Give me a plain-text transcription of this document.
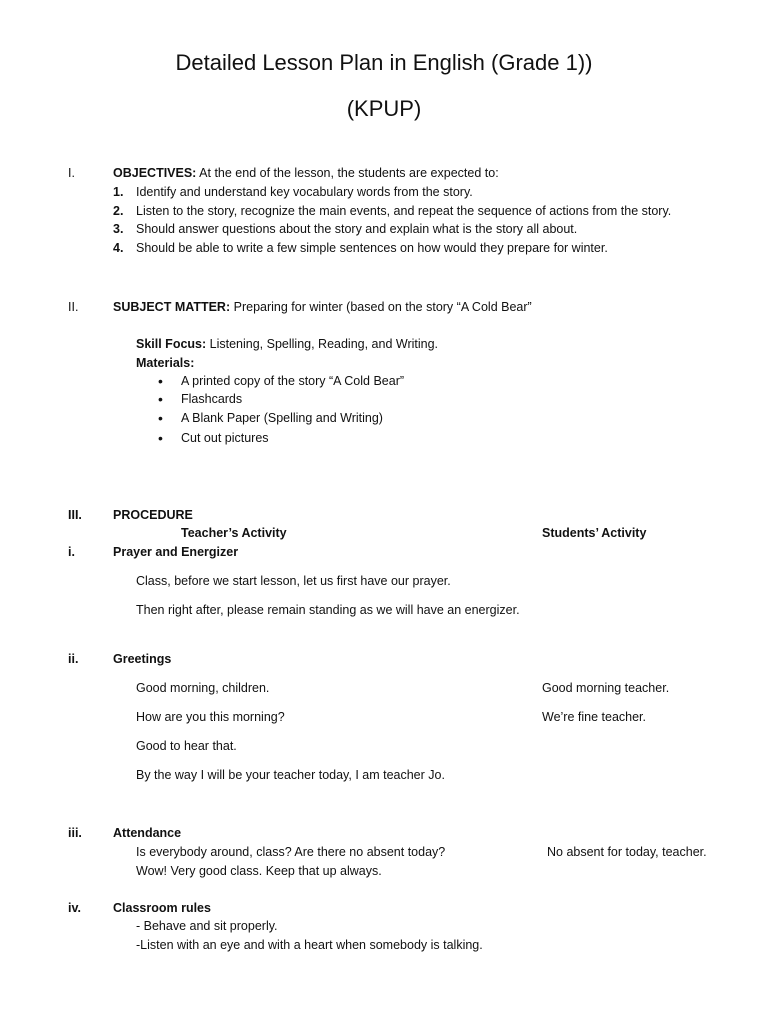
Detailed Lesson Plan in English (Grade 1))
(KPUP)
I.	OBJECTIVES: At the end of the lesson, the students are expected to:
1. Identify and understand key vocabulary words from the story.
2. Listen to the story, recognize the main events, and repeat the sequence of actions from the story.
3. Should answer questions about the story and explain what is the story all about.
4. Should be able to write a few simple sentences on how would they prepare for winter.
II.	SUBJECT MATTER: Preparing for winter (based on the story “A Cold Bear”
Skill Focus: Listening, Spelling, Reading, and Writing.
Materials:
• A printed copy of the story “A Cold Bear”
• Flashcards
• A Blank Paper (Spelling and Writing)
• Cut out pictures
III. PROCEDURE
Teacher’s Activity	Students’ Activity
i.	Prayer and Energizer
Class, before we start lesson, let us first have our prayer.
Then right after, please remain standing as we will have an energizer.
ii.	Greetings
Good morning, children.	Good morning teacher.
How are you this morning?	We’re fine teacher.
Good to hear that.
By the way I will be your teacher today, I am teacher Jo.
iii. Attendance
Is everybody around, class? Are there no absent today?	No absent for today, teacher.
Wow! Very good class. Keep that up always.
iv.	Classroom rules
- Behave and sit properly.
-Listen with an eye and with a heart when somebody is talking.
